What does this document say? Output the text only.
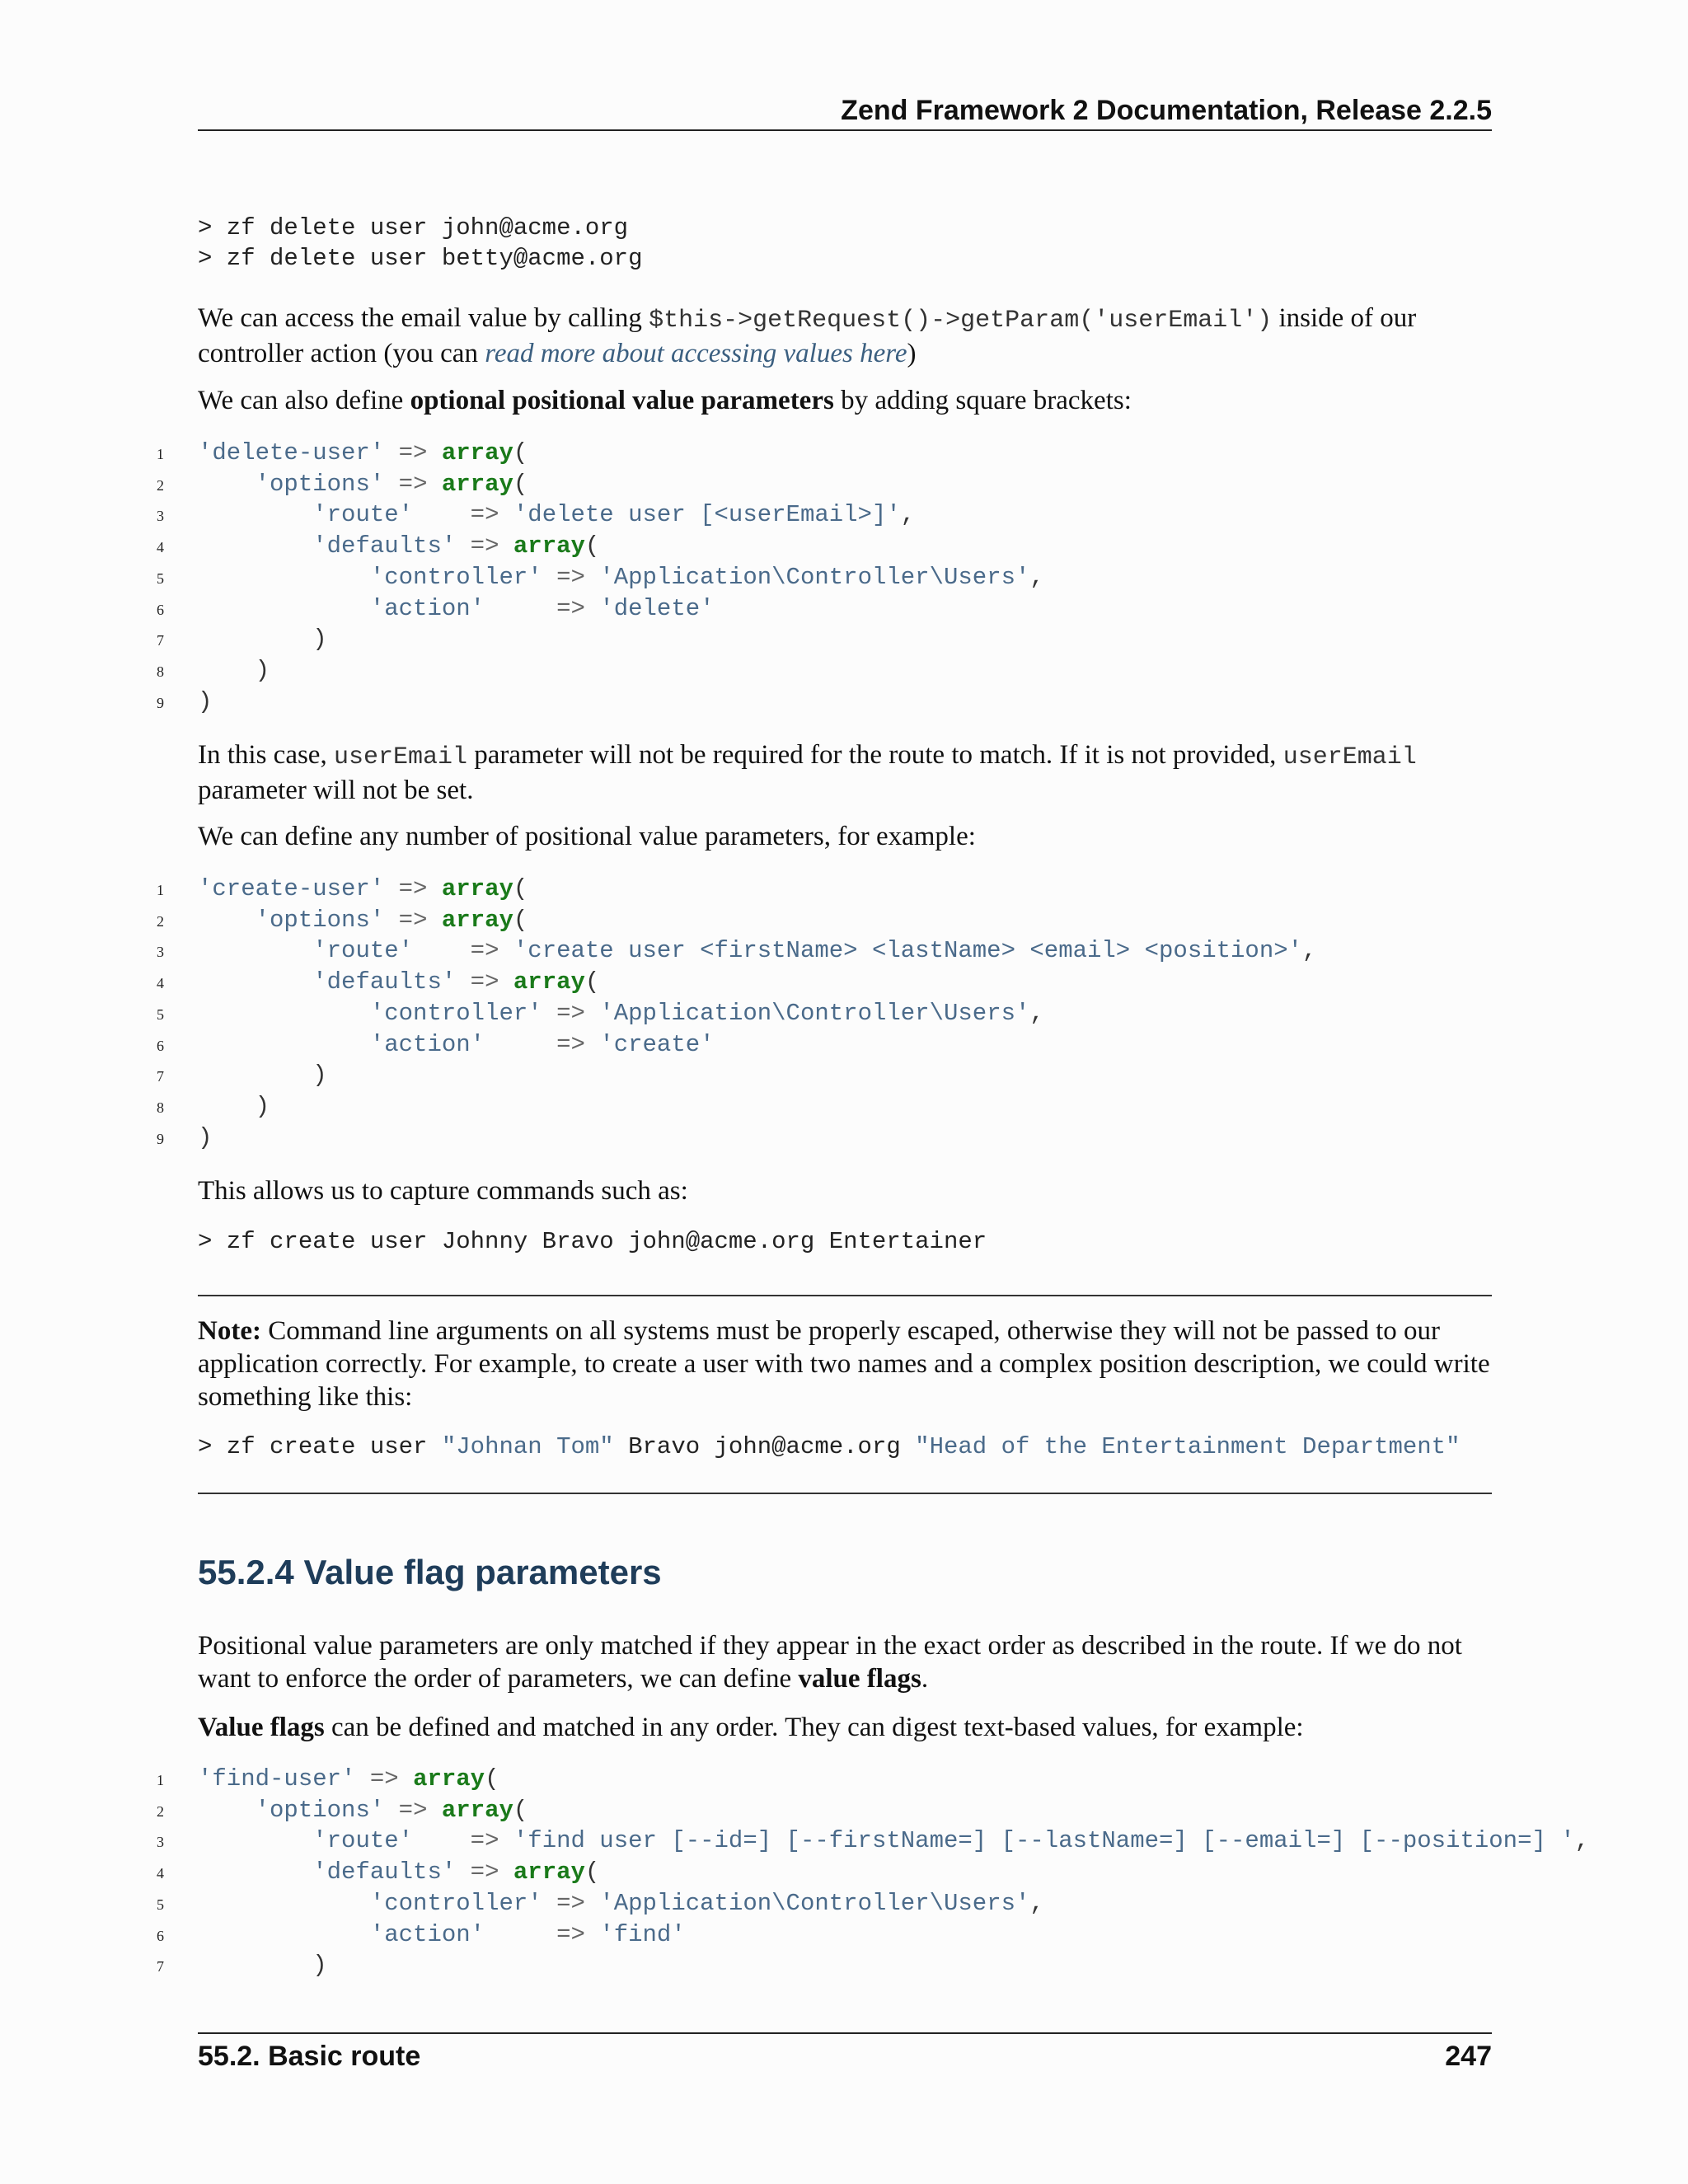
Zend Framework 2 Documentation, Release 2.2.5
> zf delete user john@acme.org
> zf delete user betty@acme.org
We can access the email value by calling $this->getRequest()->getParam('userEmail') inside of our
controller action (you can read more about accessing values here)
We can also define optional positional value parameters by adding square brackets:
1 'delete-user' => array(
2	'options' => array(
3	'route'    => 'delete user [<userEmail>]',
4	'defaults' => array(
5	'controller' => 'Application\Controller\Users',
6	'action'     => 'delete'
7	)
8	)
9 )
In this case, userEmail parameter will not be required for the route to match. If it is not provided, userEmail
parameter will not be set.
We can define any number of positional value parameters, for example:
1 'create-user' => array(
2	'options' => array(
3	'route'    => 'create user <firstName> <lastName> <email> <position>',
4	'defaults' => array(
5	'controller' => 'Application\Controller\Users',
6	'action'     => 'create'
7	)
8	)
9 )
This allows us to capture commands such as:
> zf create user Johnny Bravo john@acme.org Entertainer
Note: Command line arguments on all systems must be properly escaped, otherwise they will not be passed to our
application correctly. For example, to create a user with two names and a complex position description, we could write
something like this:
> zf create user "Johnan Tom" Bravo john@acme.org "Head of the Entertainment Department"
55.2.4 Value flag parameters
Positional value parameters are only matched if they appear in the exact order as described in the route. If we do not
want to enforce the order of parameters, we can define value flags.
Value flags can be defined and matched in any order. They can digest text-based values, for example:
1 'find-user' => array(
2	'options' => array(
3	'route'    => 'find user [--id=] [--firstName=] [--lastName=] [--email=] [--position=] ',
4	'defaults' => array(
5	'controller' => 'Application\Controller\Users',
6	'action'     => 'find'
7	)
55.2. Basic route	247
